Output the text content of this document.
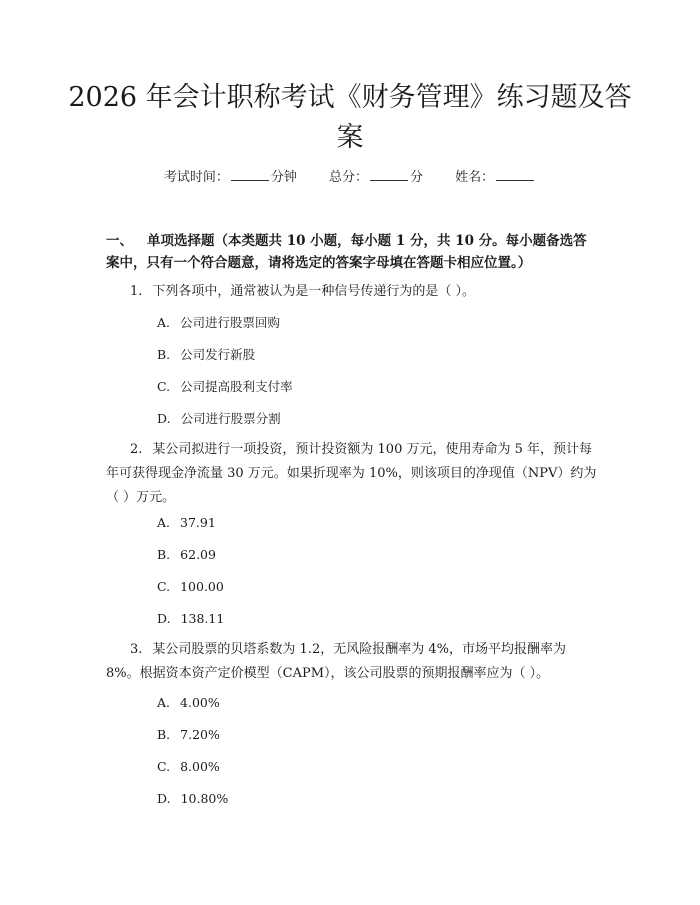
2026 年会计职称考试《财务管理》练习题及答案
考试时间：	分钟 总分：	分 姓名：

一、 单项选择题（本类题共 10 小题，每小题 1 分，共 10 分。每小题备选答案中，只有一个符合题意，请将选定的答案字母填在答题卡相应位置。）

1. 下列各项中，通常被认为是一种信号传递行为的是（ ）。

A. 公司进行股票回购
B. 公司发行新股
C. 公司提高股利支付率
D. 公司进行股票分割

2. 某公司拟进行一项投资，预计投资额为 100 万元，使用寿命为 5 年，预计每年可获得现金净流量 30 万元。如果折现率为 10%，则该项目的净现值（NPV）约为（ ）万元。

A. 37.91
B. 62.09
C. 100.00
D. 138.11

3. 某公司股票的贝塔系数为 1.2，无风险报酬率为 4%，市场平均报酬率为 8%。根据资本资产定价模型（CAPM），该公司股票的预期报酬率应为（ ）。

A. 4.00%
B. 7.20%
C. 8.00%
D. 10.80%
